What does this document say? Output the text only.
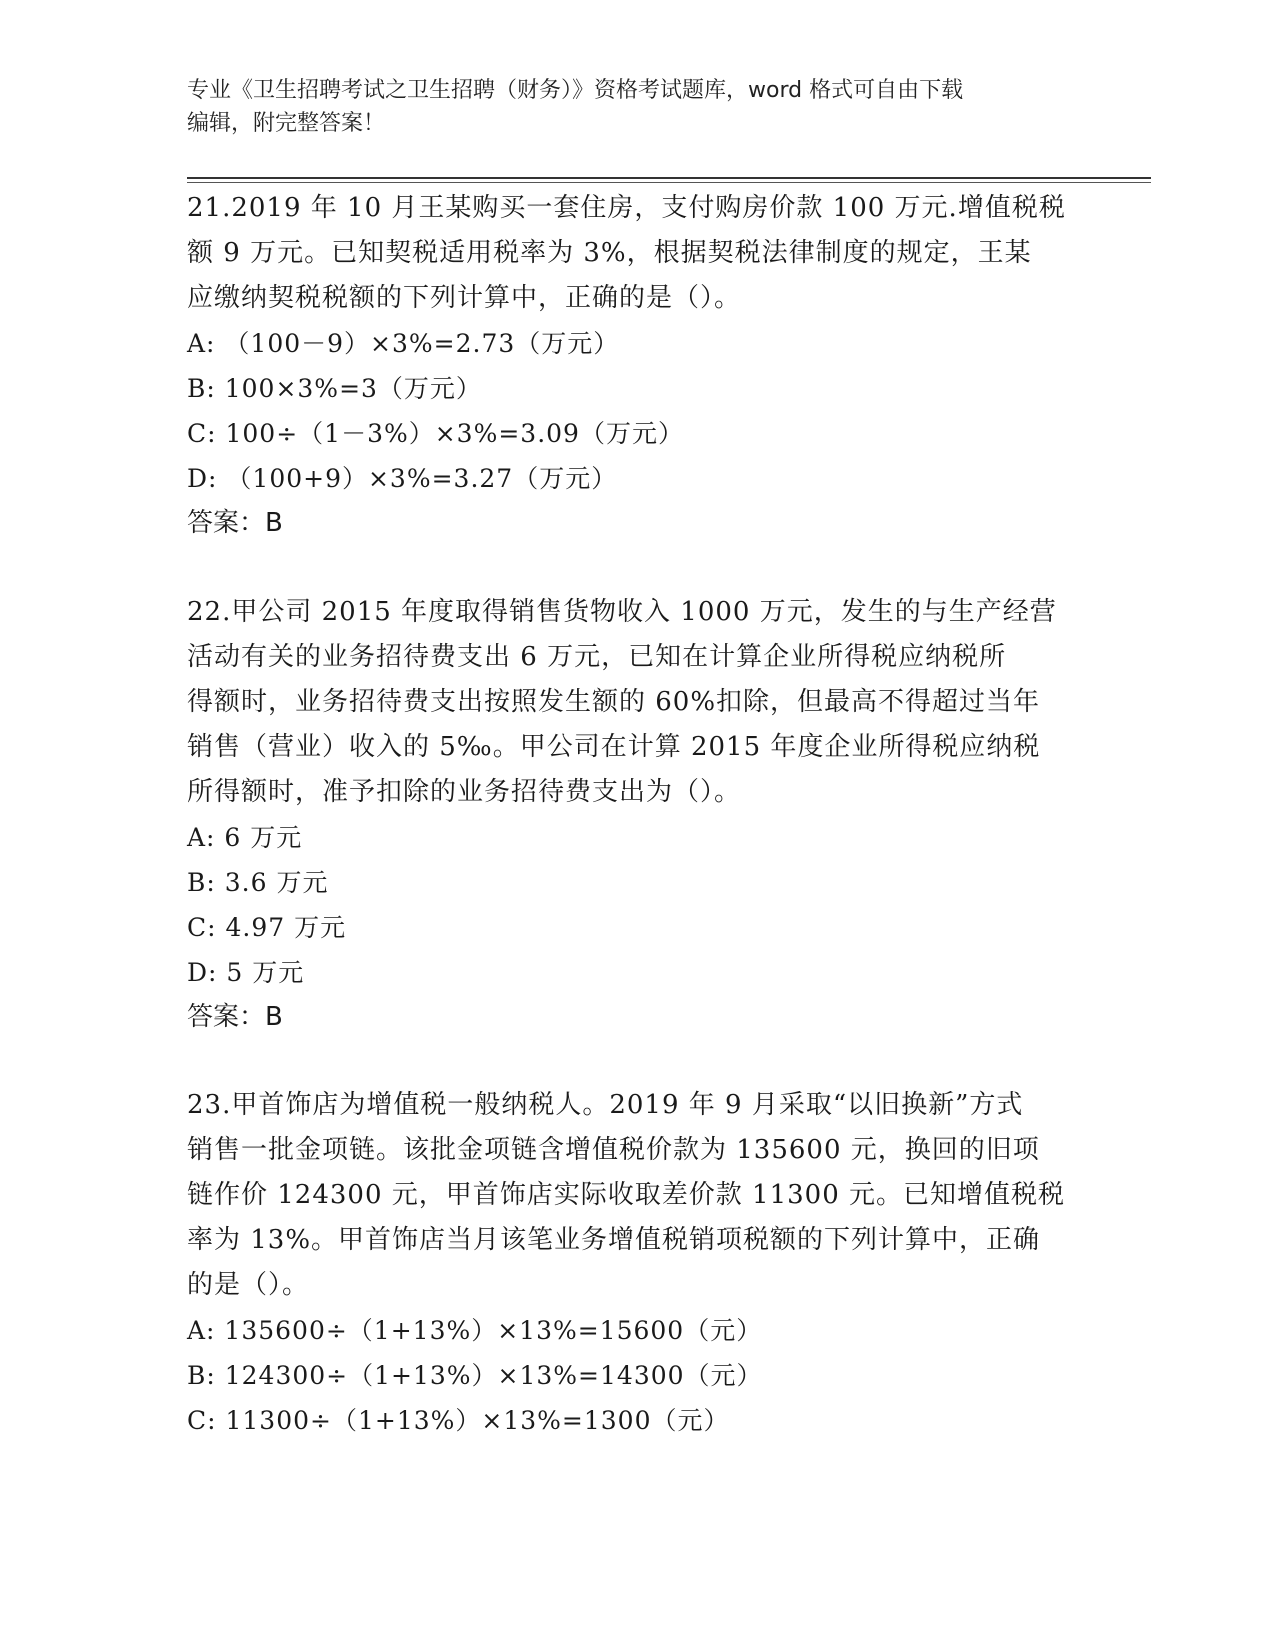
专业《卫生招聘考试之卫生招聘（财务）》资格考试题库，word 格式可自由下载
编辑，附完整答案！

21.2019 年 10 月王某购买一套住房，支付购房价款 100 万元.增值税税

额 9 万元。已知契税适用税率为 3%，根据契税法律制度的规定，王某

应缴纳契税税额的下列计算中，正确的是（）。

A: （100－9）×3%=2.73（万元）

B: 100×3%=3（万元）

C: 100÷（1－3%）×3%=3.09（万元）

D: （100+9）×3%=3.27（万元）

答案：B

22.甲公司 2015 年度取得销售货物收入 1000 万元，发生的与生产经营

活动有关的业务招待费支出 6 万元，已知在计算企业所得税应纳税所

得额时，业务招待费支出按照发生额的 60%扣除，但最高不得超过当年

销售（营业）收入的 5‰。甲公司在计算 2015 年度企业所得税应纳税

所得额时，准予扣除的业务招待费支出为（）。

A: 6 万元

B: 3.6 万元

C: 4.97 万元

D: 5 万元

答案：B

23.甲首饰店为增值税一般纳税人。2019 年 9 月采取“以旧换新”方式

销售一批金项链。该批金项链含增值税价款为 135600 元，换回的旧项

链作价 124300 元，甲首饰店实际收取差价款 11300 元。已知增值税税

率为 13%。甲首饰店当月该笔业务增值税销项税额的下列计算中，正确

的是（）。

A: 135600÷（1+13%）×13%=15600（元）

B: 124300÷（1+13%）×13%=14300（元）

C: 11300÷（1+13%）×13%=1300（元）
